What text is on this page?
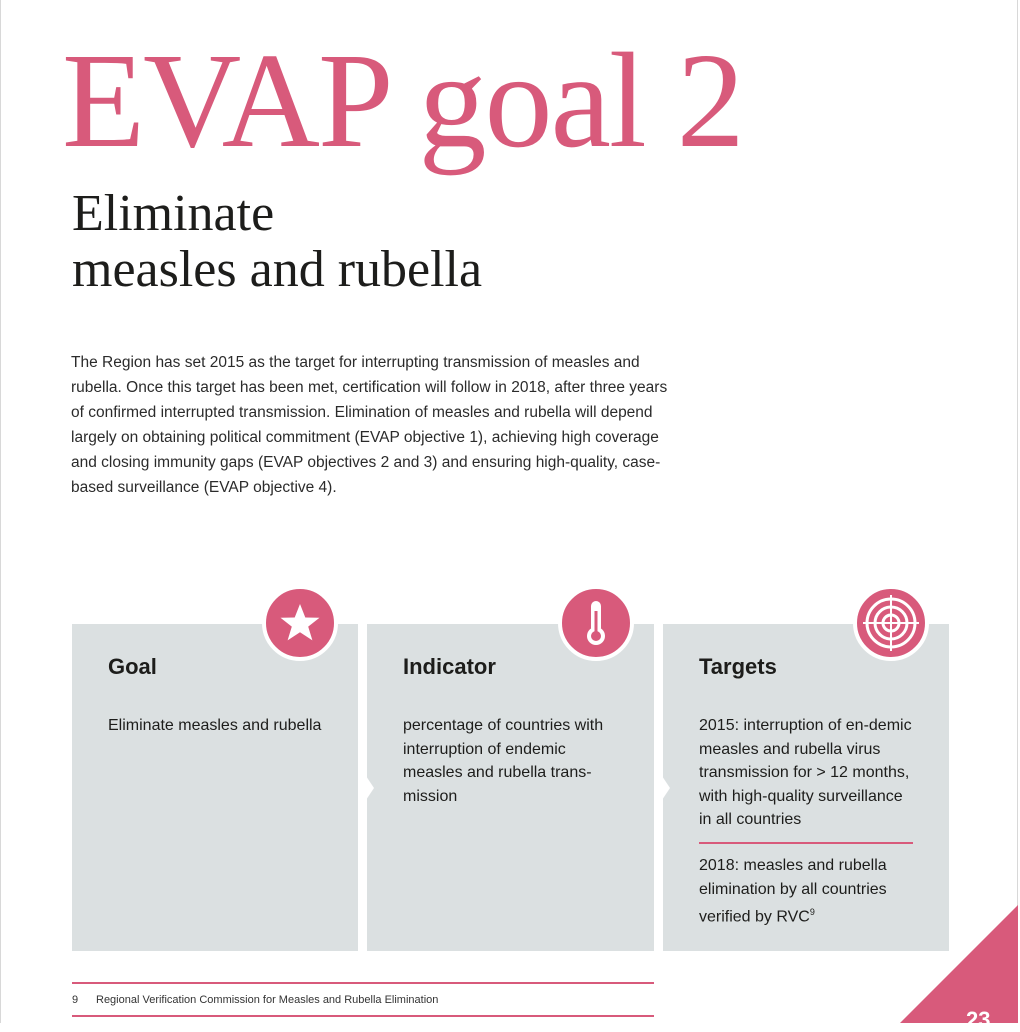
EVAP goal 2
Eliminate
measles and rubella

The Region has set 2015 as the target for interrupting transmission of measles and rubella. Once this target has been met, certification will follow in 2018, after three years of confirmed interrupted transmission. Elimination of measles and rubella will depend largely on obtaining political commitment (EVAP objective 1), achieving high coverage and closing immunity gaps (EVAP objectives 2 and 3) and ensuring high-quality, case-based surveillance (EVAP objective 4).

Goal

Eliminate measles and rubella

Indicator

percentage of countries with interruption of endemic measles and rubella trans-mission

Targets

2015: interruption of en-demic measles and rubella virus transmission for > 12 months, with high-quality surveillance in all countries

2018: measles and rubella elimination by all countries verified by RVC$^9$

9 Regional Verification Commission for Measles and Rubella Elimination
23
